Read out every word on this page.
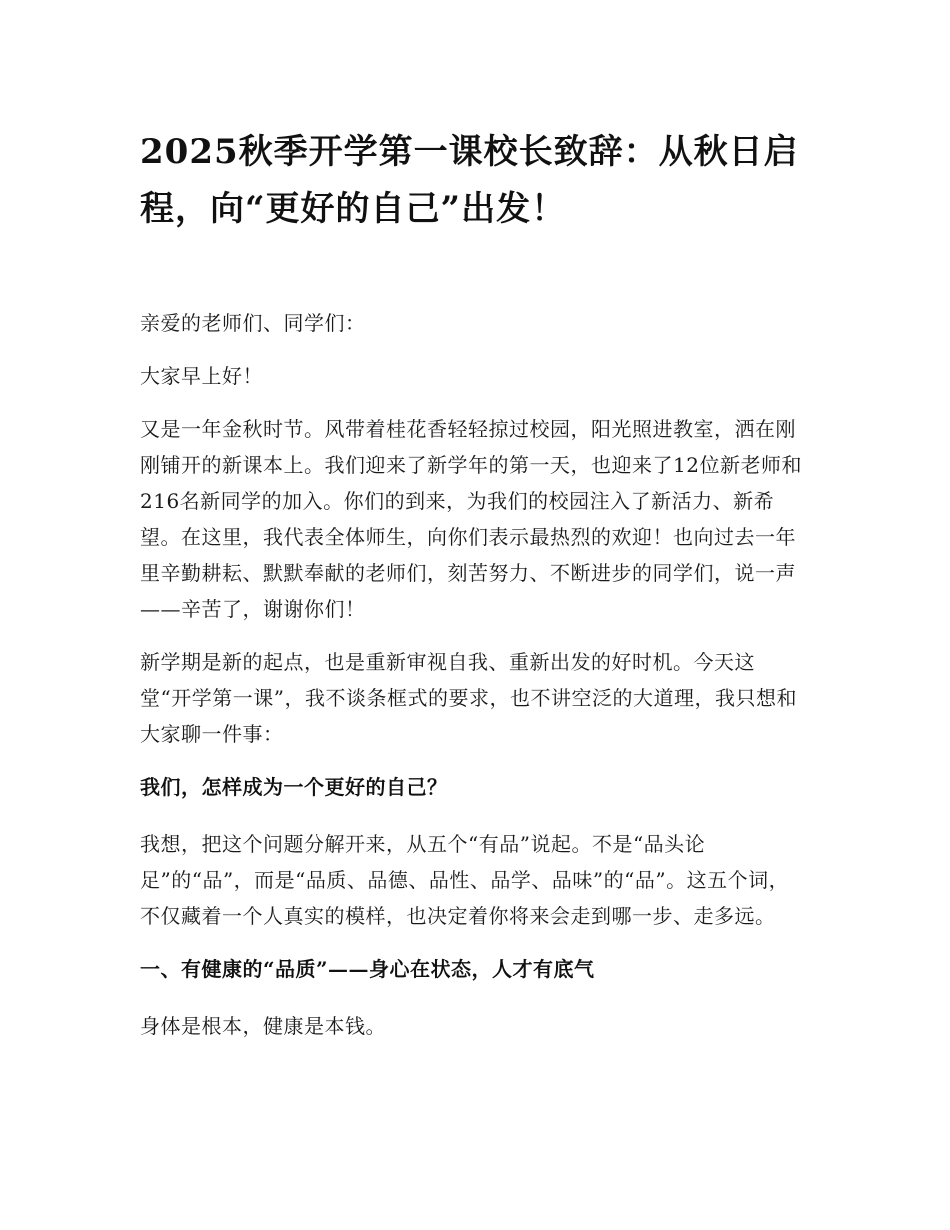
2025秋季开学第一课校长致辞：从秋日启程，向“更好的自己”出发！

亲爱的老师们、同学们：

大家早上好！

又是一年金秋时节。风带着桂花香轻轻掠过校园，阳光照进教室，洒在刚刚铺开的新课本上。我们迎来了新学年的第一天，也迎来了12位新老师和216名新同学的加入。你们的到来，为我们的校园注入了新活力、新希望。在这里，我代表全体师生，向你们表示最热烈的欢迎！也向过去一年里辛勤耕耘、默默奉献的老师们，刻苦努力、不断进步的同学们，说一声——辛苦了，谢谢你们！

新学期是新的起点，也是重新审视自我、重新出发的好时机。今天这堂“开学第一课”，我不谈条框式的要求，也不讲空泛的大道理，我只想和大家聊一件事：

我们，怎样成为一个更好的自己？

我想，把这个问题分解开来，从五个“有品”说起。不是“品头论足”的“品”，而是“品质、品德、品性、品学、品味”的“品”。这五个词，不仅藏着一个人真实的模样，也决定着你将来会走到哪一步、走多远。

一、有健康的“品质”——身心在状态，人才有底气

身体是根本，健康是本钱。
